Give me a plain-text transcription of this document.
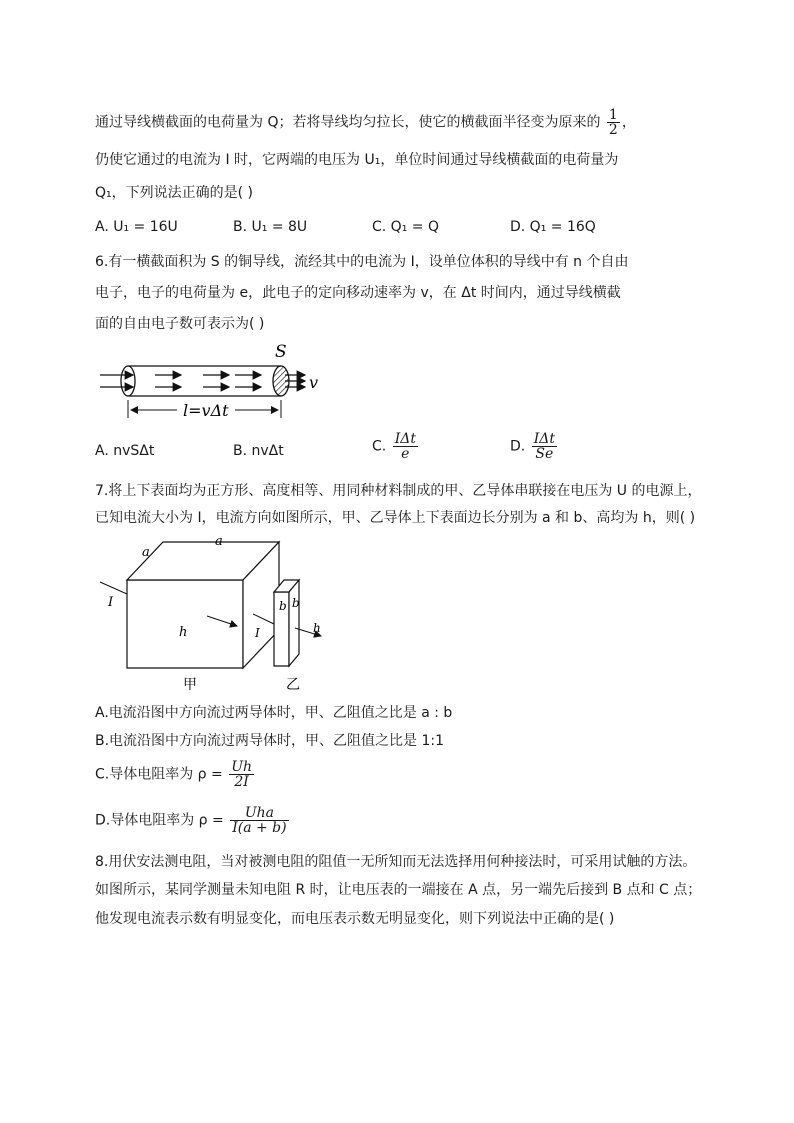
通过导线横截面的电荷量为 Q；若将导线均匀拉长，使它的横截面半径变为原来的 $\frac{1}{2}$ ，
仍使它通过的电流为 I 时，它两端的电压为 U₁，单位时间通过导线横截面的电荷量为
Q₁，下列说法正确的是( )
A. U₁ = 16U	B. U₁ = 8U	C. Q₁ = Q	D. Q₁ = 16Q
6.有一横截面积为 S 的铜导线，流经其中的电流为 I，设单位体积的导线中有 n 个自由
电子，电子的电荷量为 e，此电子的定向移动速率为 v，在 Δt 时间内，通过导线横截
面的自由电子数可表示为( )
S
v
l=vΔt
A. nvSΔt	B. nvΔt	C. $\frac{\text{IΔt}}{e}$	D. $\frac{\text{IΔt}}{Se}$
7.将上下表面均为正方形、高度相等、用同种材料制成的甲、乙导体串联接在电压为 U 的电源上，
已知电流大小为 I，电流方向如图所示，甲、乙导体上下表面边长分别为 a 和 b、高均为 h，则( )
a
a
h
I
甲
b b
h
I
乙
A.电流沿图中方向流过两导体时，甲、乙阻值之比是 a : b
B.电流沿图中方向流过两导体时，甲、乙阻值之比是 1:1
C.导体电阻率为 $\rho = \frac{Uh}{2I}$
D.导体电阻率为 $\rho = \frac{\text{Uha}}{I(a + b)}$
8.用伏安法测电阻，当对被测电阻的阻值一无所知而无法选择用何种接法时，可采用试触的方法。
如图所示，某同学测量未知电阻 R 时，让电压表的一端接在 A 点，另一端先后接到 B 点和 C 点；
他发现电流表示数有明显变化，而电压表示数无明显变化，则下列说法中正确的是( )
